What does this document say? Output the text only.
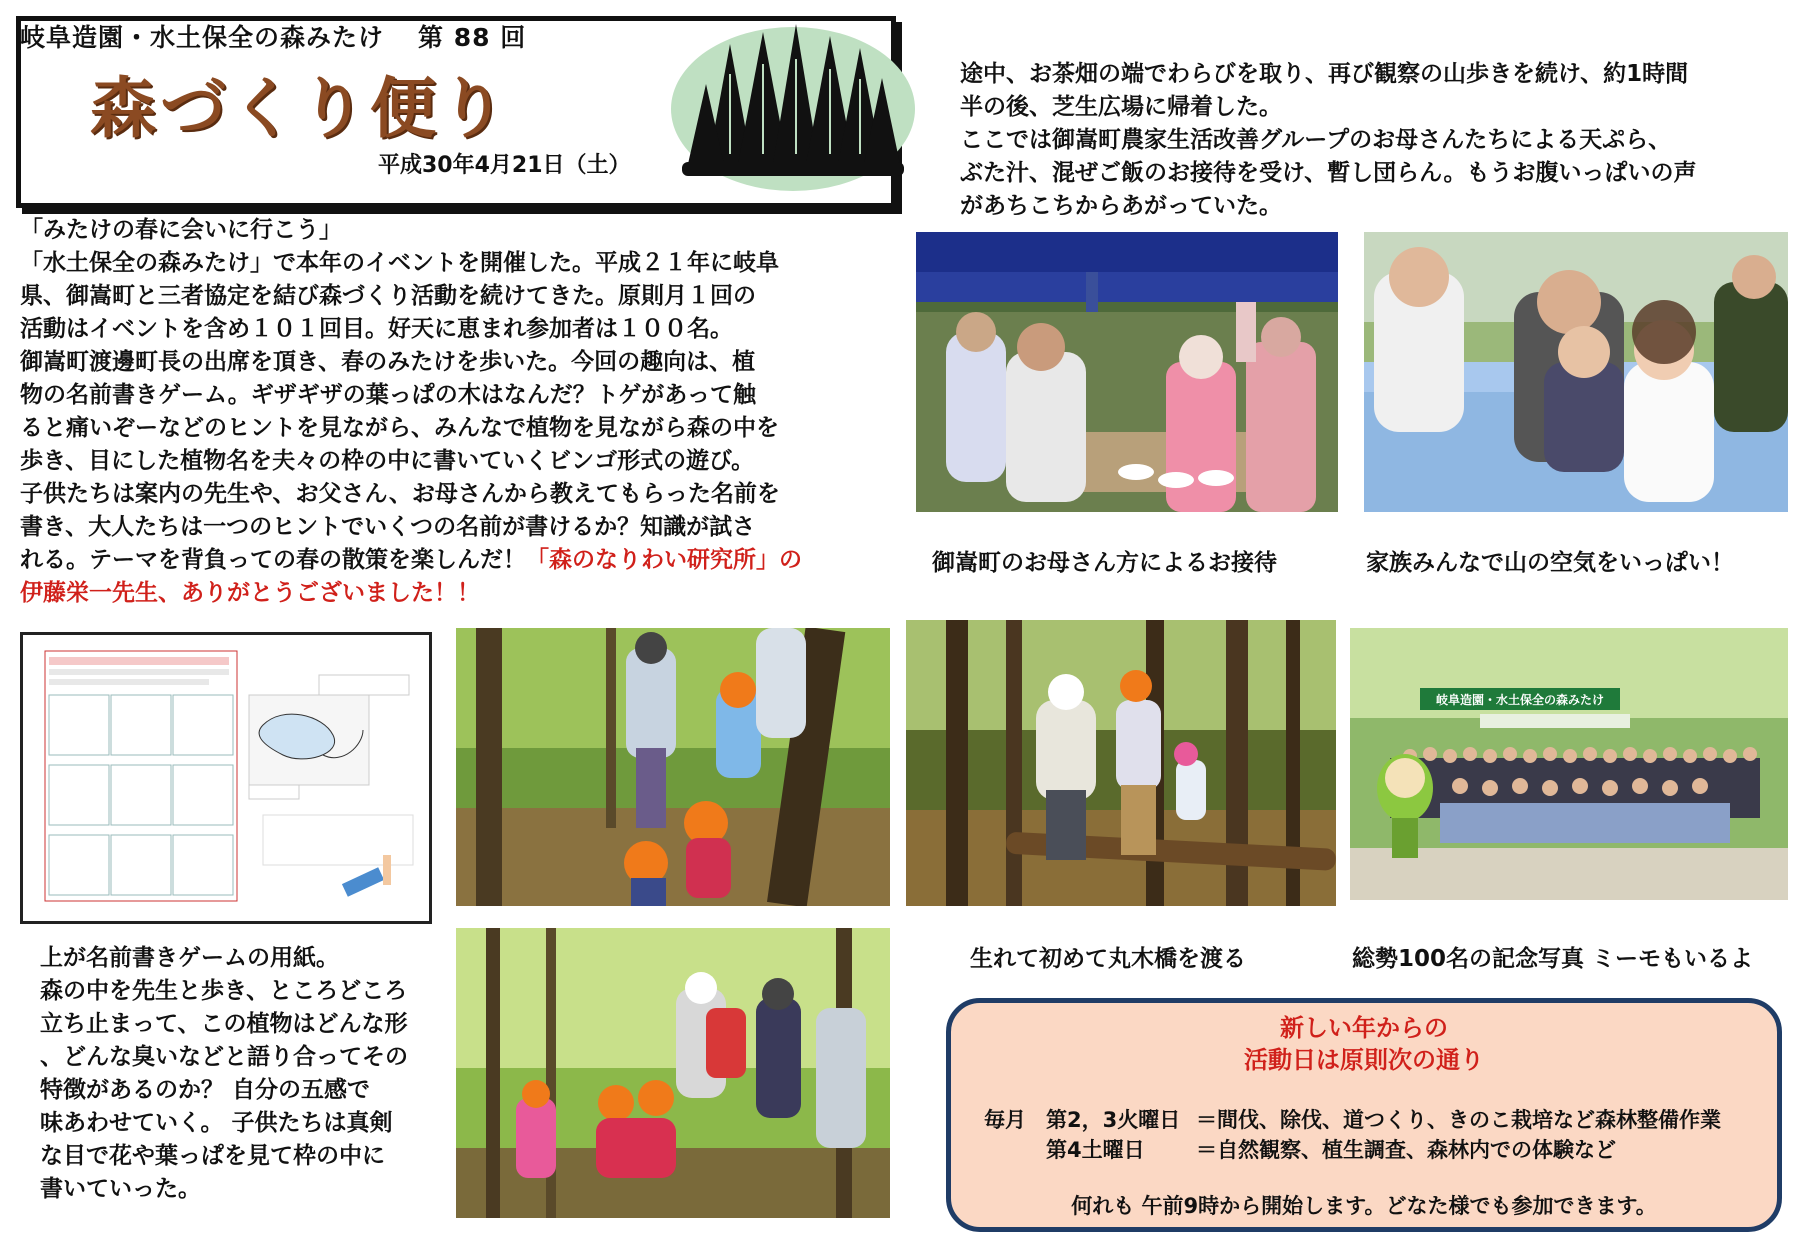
岐阜造園・水土保全の森みたけ 第 88 回
森づくり便り
平成30年4月21日（土）
「みたけの春に会いに行こう」
「水土保全の森みたけ」で本年のイベントを開催した。平成２１年に岐阜
県、御嵩町と三者協定を結び森づくり活動を続けてきた。原則月１回の
活動はイベントを含め１０１回目。好天に恵まれ参加者は１００名。
御嵩町渡邊町長の出席を頂き、春のみたけを歩いた。今回の趣向は、植
物の名前書きゲーム。ギザギザの葉っぱの木はなんだ？トゲがあって触
ると痛いぞーなどのヒントを見ながら、みんなで植物を見ながら森の中を
歩き、目にした植物名を夫々の枠の中に書いていくビンゴ形式の遊び。
子供たちは案内の先生や、お父さん、お母さんから教えてもらった名前を
書き、大人たちは一つのヒントでいくつの名前が書けるか？知識が試さ
れる。テーマを背負っての春の散策を楽しんだ！「森のなりわい研究所」の
伊藤栄一先生、ありがとうございました！！
途中、お茶畑の端でわらびを取り、再び観察の山歩きを続け、約1時間
半の後、芝生広場に帰着した。
ここでは御嵩町農家生活改善グループのお母さんたちによる天ぷら、
ぶた汁、混ぜご飯のお接待を受け、暫し団らん。もうお腹いっぱいの声
があちこちからあがっていた。
御嵩町のお母さん方によるお接待	家族みんなで山の空気をいっぱい！
岐阜造園・水土保全の森みたけ
生れて初めて丸木橋を渡る	総勢100名の記念写真 ミーモもいるよ
上が名前書きゲームの用紙。
森の中を先生と歩き、ところどころ
立ち止まって、この植物はどんな形
、どんな臭いなどと語り合ってその
特徴があるのか？ 自分の五感で
味あわせていく。 子供たちは真剣
な目で花や葉っぱを見て枠の中に
書いていった。
新しい年からの
活動日は原則次の通り
毎月 第2，3火曜日 ＝間伐、除伐、道つくり、きのこ栽培など森林整備作業
第4土曜日 ＝自然観察、植生調査、森林内での体験など
何れも 午前9時から開始します。どなた様でも参加できます。
